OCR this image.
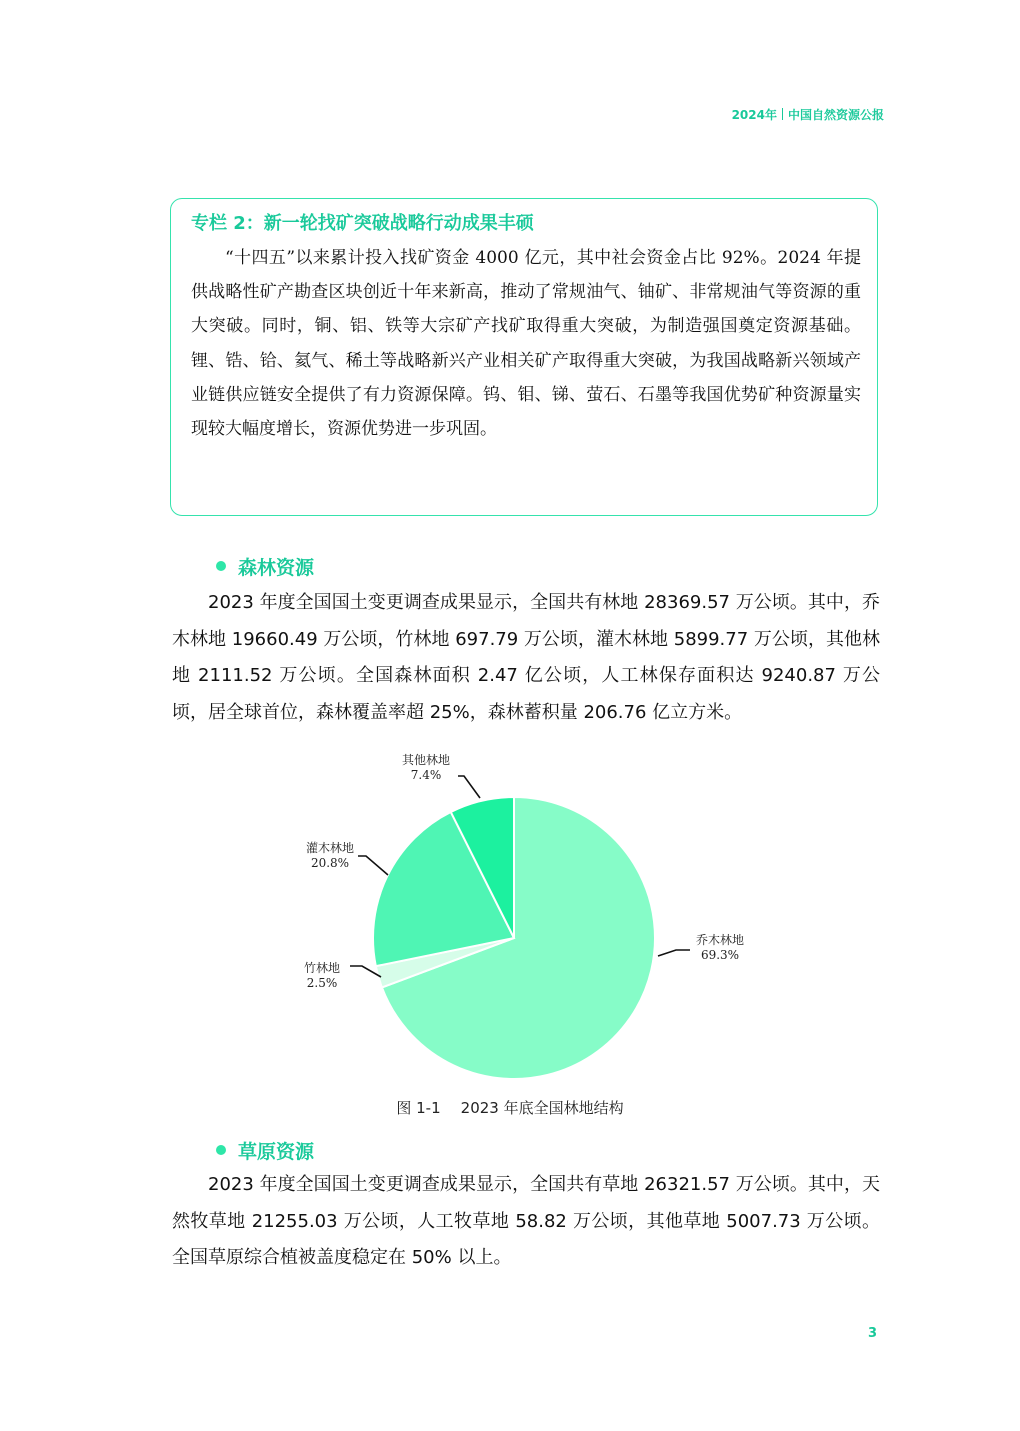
2024年 中国自然资源公报
专栏 2：新一轮找矿突破战略行动成果丰硕

“十四五”以来累计投入找矿资金 4000 亿元，其中社会资金占比 92%。2024 年提供战略性矿产勘查区块创近十年来新高，推动了常规油气、铀矿、非常规油气等资源的重大突破。同时，铜、铝、铁等大宗矿产找矿取得重大突破，为制造强国奠定资源基础。锂、锆、铪、氦气、稀土等战略新兴产业相关矿产取得重大突破，为我国战略新兴领域产业链供应链安全提供了有力资源保障。钨、钼、锑、萤石、石墨等我国优势矿种资源量实现较大幅度增长，资源优势进一步巩固。

森林资源

2023 年度全国国土变更调查成果显示，全国共有林地 28369.57 万公顷。其中，乔木林地 19660.49 万公顷，竹林地 697.79 万公顷，灌木林地 5899.77 万公顷，其他林地 2111.52 万公顷。全国森林面积 2.47 亿公顷，人工林保存面积达 9240.87 万公顷，居全球首位，森林覆盖率超 25%，森林蓄积量 206.76 亿立方米。

乔木林地
69.3%
竹林地
2.5%
灌木林地
20.8%
其他林地
7.4%
图 1-1 2023 年底全国林地结构
草原资源

2023 年度全国国土变更调查成果显示，全国共有草地 26321.57 万公顷。其中，天然牧草地 21255.03 万公顷，人工牧草地 58.82 万公顷，其他草地 5007.73 万公顷。全国草原综合植被盖度稳定在 50% 以上。

3
